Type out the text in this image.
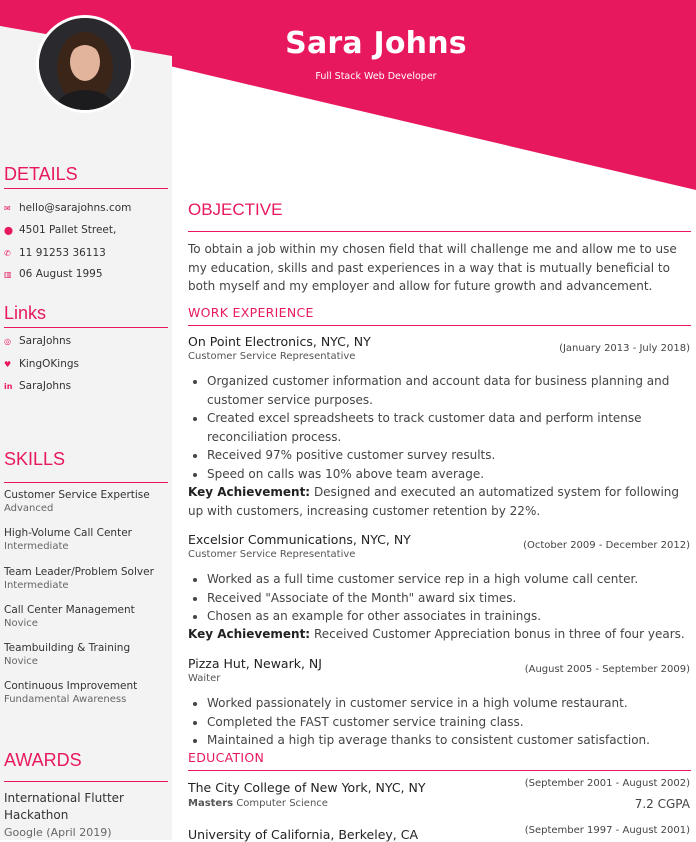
Sara Johns
Full Stack Web Developer
DETAILS
✉ hello@sarajohns.com
⬤ 4501 Pallet Street,
✆ 11 91253 36113
▥ 06 August 1995
Links
◎ SaraJohns
♥ KingOKings
in SaraJohns
SKILLS
Customer Service Expertise
Advanced
High-Volume Call Center
Intermediate
Team Leader/Problem Solver
Intermediate
Call Center Management
Novice
Teambuilding & Training
Novice
Continuous Improvement
Fundamental Awareness
AWARDS
International Flutter Hackathon
Google (April 2019)
OBJECTIVE
To obtain a job within my chosen field that will challenge me and allow me to use my education, skills and past experiences in a way that is mutually beneficial to both myself and my employer and allow for future growth and advancement.
WORK EXPERIENCE
On Point Electronics, NYC, NY	(January 2013 - July 2018)
Customer Service Representative
• Organized customer information and account data for business planning and customer service purposes.
• Created excel spreadsheets to track customer data and perform intense reconciliation process.
• Received 97% positive customer survey results.
• Speed on calls was 10% above team average.
Key Achievement: Designed and executed an automatized system for following up with customers, increasing customer retention by 22%.
Excelsior Communications, NYC, NY	(October 2009 - December 2012)
Customer Service Representative
• Worked as a full time customer service rep in a high volume call center.
• Received "Associate of the Month" award six times.
• Chosen as an example for other associates in trainings.
Key Achievement: Received Customer Appreciation bonus in three of four years.
Pizza Hut, Newark, NJ	(August 2005 - September 2009)
Waiter
• Worked passionately in customer service in a high volume restaurant.
• Completed the FAST customer service training class.
• Maintained a high tip average thanks to consistent customer satisfaction.
EDUCATION
The City College of New York, NYC, NY	(September 2001 - August 2002)
Masters Computer Science	7.2 CGPA
University of California, Berkeley, CA	(September 1997 - August 2001)
